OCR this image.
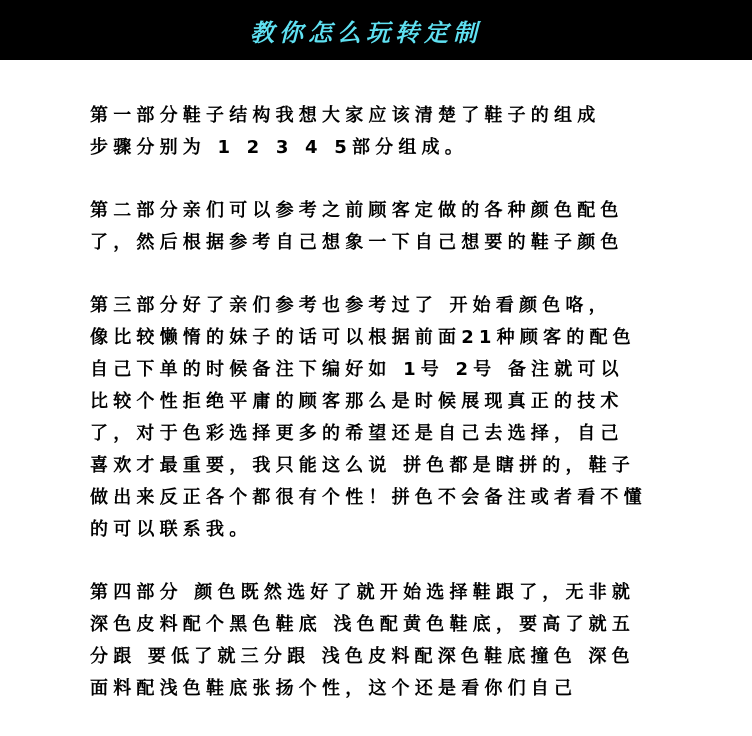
教你怎么玩转定制
第一部分鞋子结构我想大家应该清楚了鞋子的组成
步骤分别为 1 2 3 4 5部分组成。
第二部分亲们可以参考之前顾客定做的各种颜色配色
了，然后根据参考自己想象一下自己想要的鞋子颜色
第三部分好了亲们参考也参考过了 开始看颜色咯，
像比较懒惰的妹子的话可以根据前面21种顾客的配色
自己下单的时候备注下编好如 1号 2号 备注就可以
比较个性拒绝平庸的顾客那么是时候展现真正的技术
了，对于色彩选择更多的希望还是自己去选择，自己
喜欢才最重要，我只能这么说 拼色都是瞎拼的，鞋子
做出来反正各个都很有个性！拼色不会备注或者看不懂
的可以联系我。
第四部分 颜色既然选好了就开始选择鞋跟了，无非就
深色皮料配个黑色鞋底 浅色配黄色鞋底，要高了就五
分跟 要低了就三分跟 浅色皮料配深色鞋底撞色 深色
面料配浅色鞋底张扬个性，这个还是看你们自己
